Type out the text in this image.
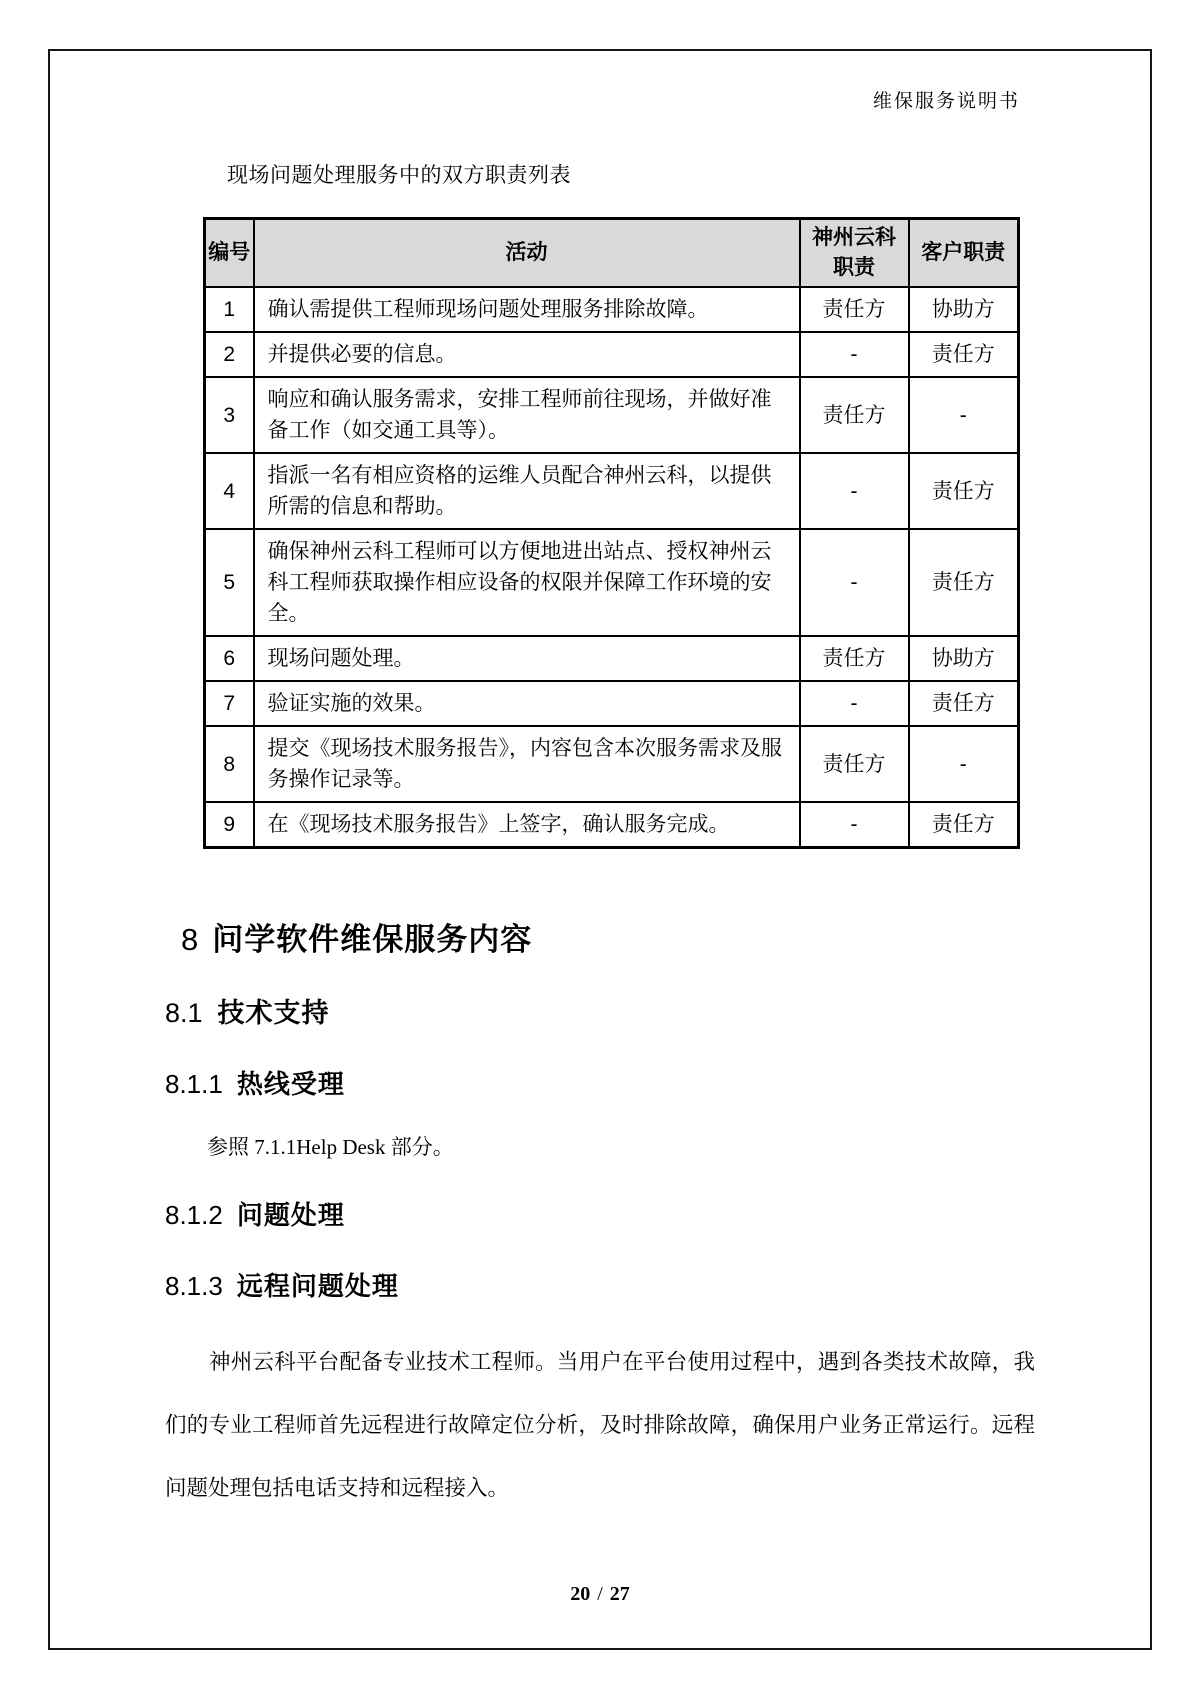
维保服务说明书
现场问题处理服务中的双方职责列表
编号	活动	神州云科职责	客户职责
1	确认需提供工程师现场问题处理服务排除故障。	责任方	协助方
2	并提供必要的信息。	-	责任方
3	响应和确认服务需求，安排工程师前往现场，并做好准备工作（如交通工具等）。	责任方	-
4	指派一名有相应资格的运维人员配合神州云科，以提供所需的信息和帮助。	-	责任方
5	确保神州云科工程师可以方便地进出站点、授权神州云科工程师获取操作相应设备的权限并保障工作环境的安全。	-	责任方
6	现场问题处理。	责任方	协助方
7	验证实施的效果。	-	责任方
8	提交《现场技术服务报告》，内容包含本次服务需求及服务操作记录等。	责任方	-
9	在《现场技术服务报告》上签字，确认服务完成。	-	责任方
8 问学软件维保服务内容
8.1 技术支持
8.1.1 热线受理
参照 7.1.1Help Desk 部分。
8.1.2 问题处理
8.1.3 远程问题处理
神州云科平台配备专业技术工程师。当用户在平台使用过程中，遇到各类技术故障，我们的专业工程师首先远程进行故障定位分析，及时排除故障，确保用户业务正常运行。远程问题处理包括电话支持和远程接入。
20 / 27
